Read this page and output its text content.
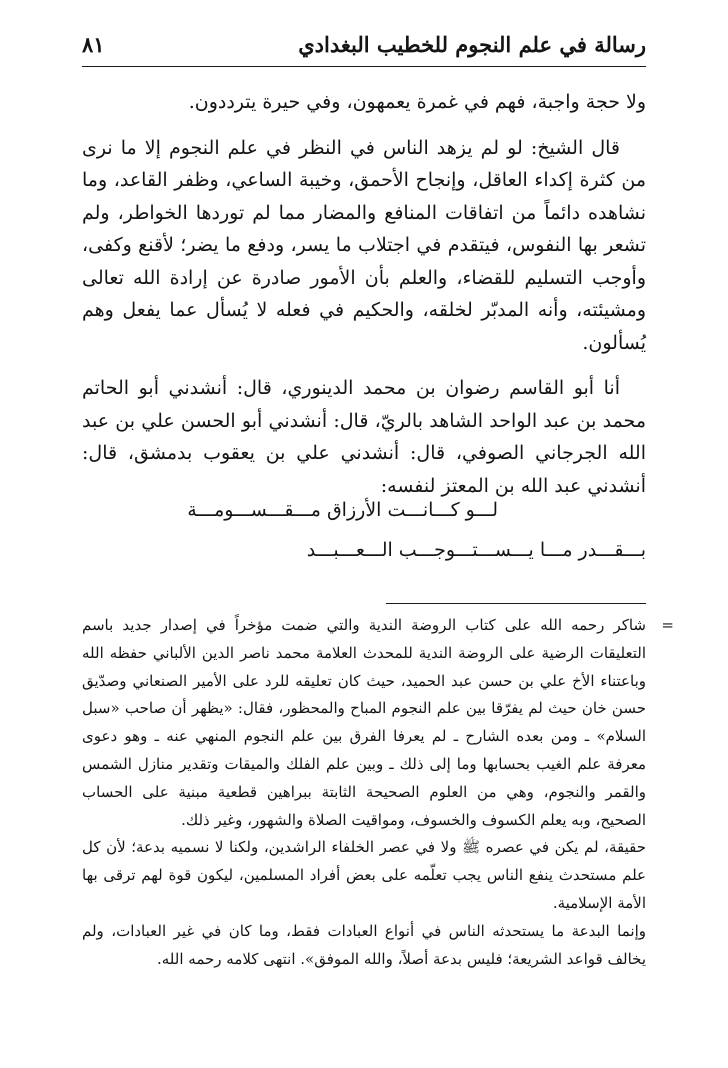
رسالة في علم النجوم للخطيب البغدادي
٨١

ولا حجة واجبة، فهم في غمرة يعمهون، وفي حيرة يترددون.

قال الشيخ: لو لم يزهد الناس في النظر في علم النجوم إلا ما نرى من كثرة إكداء العاقل، وإنجاح الأحمق، وخيبة الساعي، وظفر القاعد، وما نشاهده دائماً من اتفاقات المنافع والمضار مما لم توردها الخواطر، ولم تشعر بها النفوس، فيتقدم في اجتلاب ما يسر، ودفع ما يضر؛ لأقنع وكفى، وأوجب التسليم للقضاء، والعلم بأن الأمور صادرة عن إرادة الله تعالى ومشيئته، وأنه المدبّر لخلقه، والحكيم في فعله لا يُسأل عما يفعل وهم يُسألون.

أنا أبو القاسم رضوان بن محمد الدينوري، قال: أنشدني أبو الحاتم محمد بن عبد الواحد الشاهد بالريّ، قال: أنشدني أبو الحسن علي بن عبد الله الجرجاني الصوفي، قال: أنشدني علي بن يعقوب بدمشق، قال: أنشدني عبد الله بن المعتز لنفسه:

لـــو كـــانـــت الأرزاق مـــقـــســـومـــة
بـــقـــدر مـــا يـــســـتـــوجـــب الـــعـــبـــد
=

شاكر رحمه الله على كتاب الروضة الندية والتي ضمت مؤخراً في إصدار جديد باسم التعليقات الرضية على الروضة الندية للمحدث العلامة محمد ناصر الدين الألباني حفظه الله وباعتناء الأخ علي بن حسن عبد الحميد، حيث كان تعليقه للرد على الأمير الصنعاني وصدّيق حسن خان حيث لم يفرّقا بين علم النجوم المباح والمحظور، فقال: «يظهر أن صاحب «سبل السلام» ـ ومن بعده الشارح ـ لم يعرفا الفرق بين علم النجوم المنهي عنه ـ وهو دعوى معرفة علم الغيب بحسابها وما إلى ذلك ـ وبين علم الفلك والميقات وتقدير منازل الشمس والقمر والنجوم، وهي من العلوم الصحيحة الثابتة ببراهين قطعية مبنية على الحساب الصحيح، وبه يعلم الكسوف والخسوف، ومواقيت الصلاة والشهور، وغير ذلك.

حقيقة، لم يكن في عصره ﷺ ولا في عصر الخلفاء الراشدين، ولكنا لا نسميه بدعة؛ لأن كل علم مستحدث ينفع الناس يجب تعلّمه على بعض أفراد المسلمين، ليكون قوة لهم ترقى بها الأمة الإسلامية.

وإنما البدعة ما يستحدثه الناس في أنواع العبادات فقط، وما كان في غير العبادات، ولم يخالف قواعد الشريعة؛ فليس بدعة أصلاً، والله الموفق». انتهى كلامه رحمه الله.
